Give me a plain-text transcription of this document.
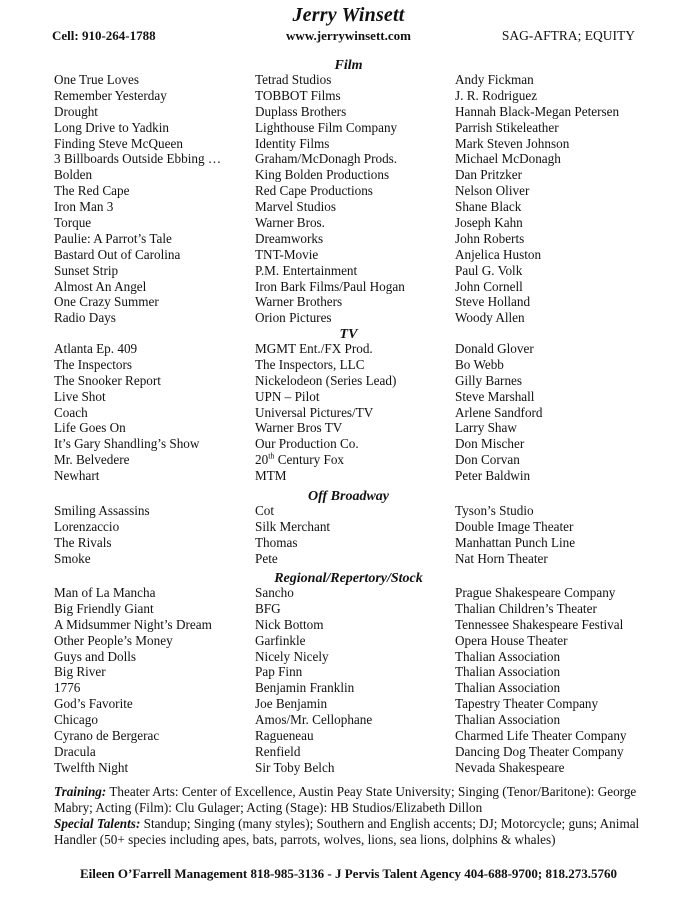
Jerry Winsett
Cell: 910-264-1788	www.jerrywinsett.com	SAG-AFTRA; EQUITY
Film
One True Loves	Tetrad Studios	Andy Fickman
Remember Yesterday	TOBBOT Films	J. R. Rodriguez
Drought	Duplass Brothers	Hannah Black-Megan Petersen
Long Drive to Yadkin	Lighthouse Film Company	Parrish Stikeleather
Finding Steve McQueen	Identity Films	Mark Steven Johnson
3 Billboards Outside Ebbing …	Graham/McDonagh Prods.	Michael McDonagh
Bolden	King Bolden Productions	Dan Pritzker
The Red Cape	Red Cape Productions	Nelson Oliver
Iron Man 3	Marvel Studios	Shane Black
Torque	Warner Bros.	Joseph Kahn
Paulie: A Parrot’s Tale	Dreamworks	John Roberts
Bastard Out of Carolina	TNT-Movie	Anjelica Huston
Sunset Strip	P.M. Entertainment	Paul G. Volk
Almost An Angel	Iron Bark Films/Paul Hogan	John Cornell
One Crazy Summer	Warner Brothers	Steve Holland
Radio Days	Orion Pictures	Woody Allen
TV
Atlanta Ep. 409	MGMT Ent./FX Prod.	Donald Glover
The Inspectors	The Inspectors, LLC	Bo Webb
The Snooker Report	Nickelodeon (Series Lead)	Gilly Barnes
Live Shot	UPN – Pilot	Steve Marshall
Coach	Universal Pictures/TV	Arlene Sandford
Life Goes On	Warner Bros TV	Larry Shaw
It’s Gary Shandling’s Show	Our Production Co.	Don Mischer
Mr. Belvedere	20th Century Fox	Don Corvan
Newhart	MTM	Peter Baldwin
Off Broadway
Smiling Assassins	Cot	Tyson’s Studio
Lorenzaccio	Silk Merchant	Double Image Theater
The Rivals	Thomas	Manhattan Punch Line
Smoke	Pete	Nat Horn Theater
Regional/Repertory/Stock
Man of La Mancha	Sancho	Prague Shakespeare Company
Big Friendly Giant	BFG	Thalian Children’s Theater
A Midsummer Night’s Dream	Nick Bottom	Tennessee Shakespeare Festival
Other People’s Money	Garfinkle	Opera House Theater
Guys and Dolls	Nicely Nicely	Thalian Association
Big River	Pap Finn	Thalian Association
1776	Benjamin Franklin	Thalian Association
God’s Favorite	Joe Benjamin	Tapestry Theater Company
Chicago	Amos/Mr. Cellophane	Thalian Association
Cyrano de Bergerac	Ragueneau	Charmed Life Theater Company
Dracula	Renfield	Dancing Dog Theater Company
Twelfth Night	Sir Toby Belch	Nevada Shakespeare
Training: Theater Arts: Center of Excellence, Austin Peay State University; Singing (Tenor/Baritone): George Mabry; Acting (Film): Clu Gulager; Acting (Stage): HB Studios/Elizabeth Dillon
Special Talents: Standup; Singing (many styles); Southern and English accents; DJ; Motorcycle; guns; Animal Handler (50+ species including apes, bats, parrots, wolves, lions, sea lions, dolphins & whales)
Eileen O’Farrell Management 818-985-3136 - J Pervis Talent Agency 404-688-9700; 818.273.5760
